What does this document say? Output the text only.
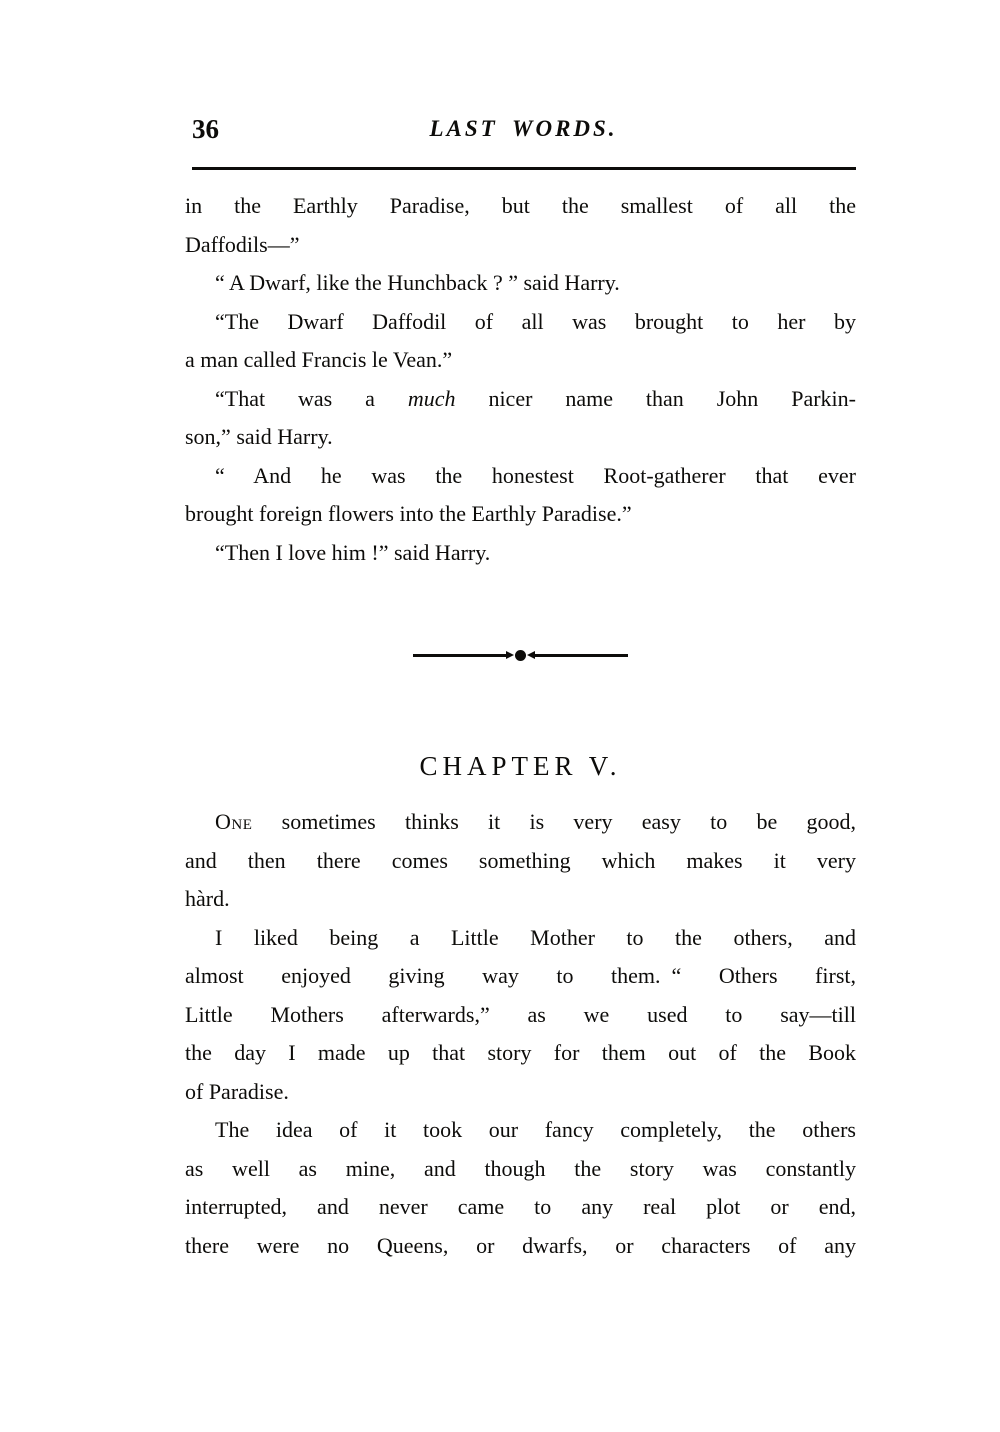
36	LAST WORDS.
in the Earthly Paradise, but the smallest of all the
Daffodils—”
“ A Dwarf, like the Hunchback ? ” said Harry.
“The Dwarf Daffodil of all was brought to her by
a man called Francis le Vean.”
“That was a much nicer name than John Parkin-
son,” said Harry.
“ And he was the honestest Root-gatherer that ever
brought foreign flowers into the Earthly Paradise.”
“Then I love him !” said Harry.
CHAPTER V.
One sometimes thinks it is very easy to be good,
and then there comes something which makes it very
hàrd.
I liked being a Little Mother to the others, and
almost enjoyed giving way to them. “ Others first,
Little Mothers afterwards,” as we used to say—till
the day I made up that story for them out of the Book
of Paradise.
The idea of it took our fancy completely, the others
as well as mine, and though the story was constantly
interrupted, and never came to any real plot or end,
there were no Queens, or dwarfs, or characters of any
